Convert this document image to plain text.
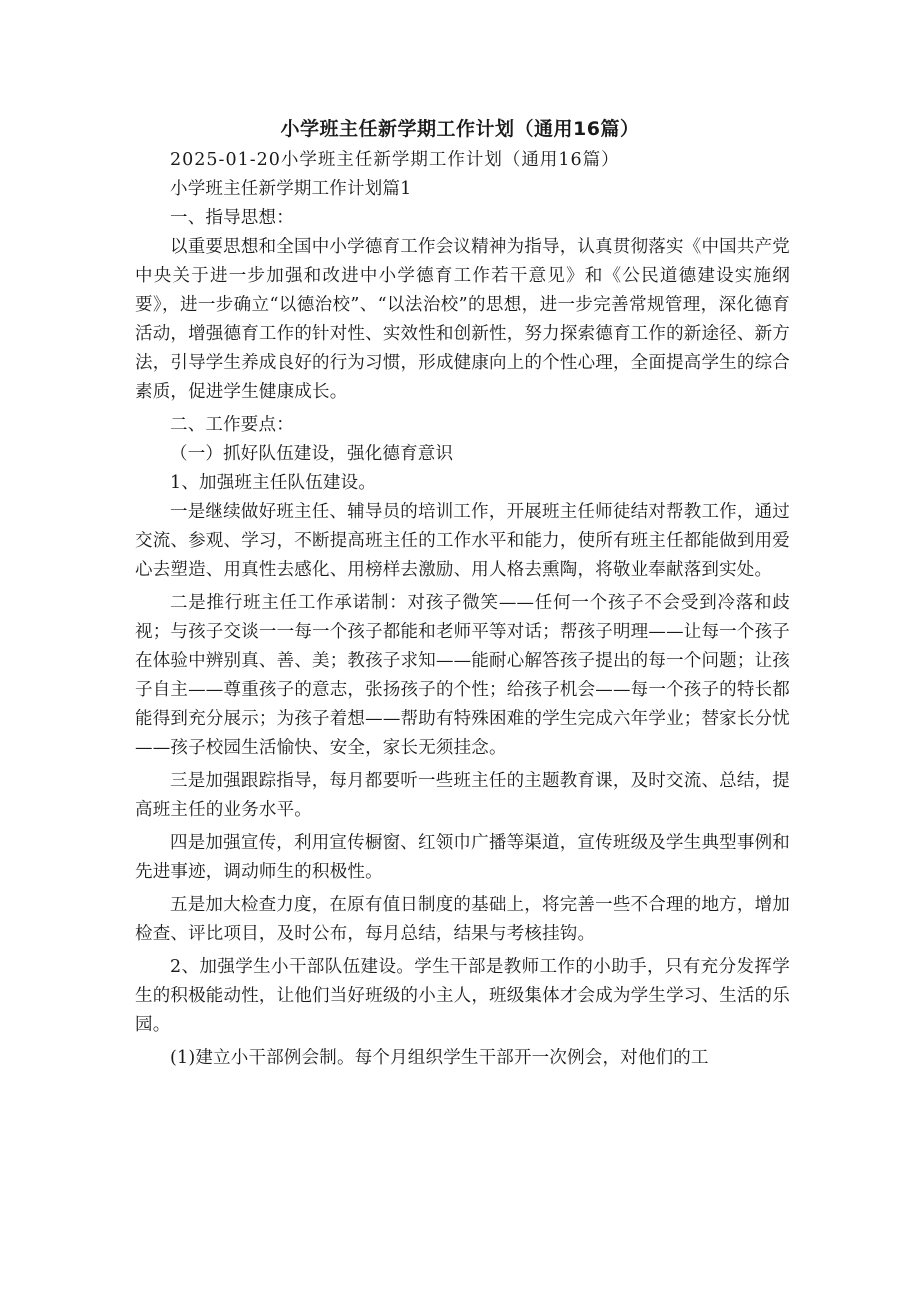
小学班主任新学期工作计划（通用16篇）

2025-01-20小学班主任新学期工作计划（通用16篇）

小学班主任新学期工作计划篇1

一、指导思想：

以重要思想和全国中小学德育工作会议精神为指导，认真贯彻落实《中国共产党中央关于进一步加强和改进中小学德育工作若干意见》和《公民道德建设实施纲要》，进一步确立“以德治校”、“以法治校”的思想，进一步完善常规管理，深化德育活动，增强德育工作的针对性、实效性和创新性，努力探索德育工作的新途径、新方法，引导学生养成良好的行为习惯，形成健康向上的个性心理，全面提高学生的综合素质，促进学生健康成长。

二、工作要点：

（一）抓好队伍建设，强化德育意识

1、加强班主任队伍建设。

一是继续做好班主任、辅导员的培训工作，开展班主任师徒结对帮教工作，通过交流、参观、学习，不断提高班主任的工作水平和能力，使所有班主任都能做到用爱心去塑造、用真性去感化、用榜样去激励、用人格去熏陶，将敬业奉献落到实处。

二是推行班主任工作承诺制：对孩子微笑——任何一个孩子不会受到冷落和歧视；与孩子交谈一一每一个孩子都能和老师平等对话；帮孩子明理——让每一个孩子在体验中辨别真、善、美；教孩子求知——能耐心解答孩子提出的每一个问题；让孩子自主——尊重孩子的意志，张扬孩子的个性；给孩子机会——每一个孩子的特长都能得到充分展示；为孩子着想——帮助有特殊困难的学生完成六年学业；替家长分忧——孩子校园生活愉快、安全，家长无须挂念。

三是加强跟踪指导，每月都要听一些班主任的主题教育课，及时交流、总结，提高班主任的业务水平。

四是加强宣传，利用宣传橱窗、红领巾广播等渠道，宣传班级及学生典型事例和先进事迹，调动师生的积极性。

五是加大检查力度，在原有值日制度的基础上，将完善一些不合理的地方，增加检查、评比项目，及时公布，每月总结，结果与考核挂钩。

2、加强学生小干部队伍建设。学生干部是教师工作的小助手，只有充分发挥学生的积极能动性，让他们当好班级的小主人，班级集体才会成为学生学习、生活的乐园。

(1)建立小干部例会制。每个月组织学生干部开一次例会，对他们的工
